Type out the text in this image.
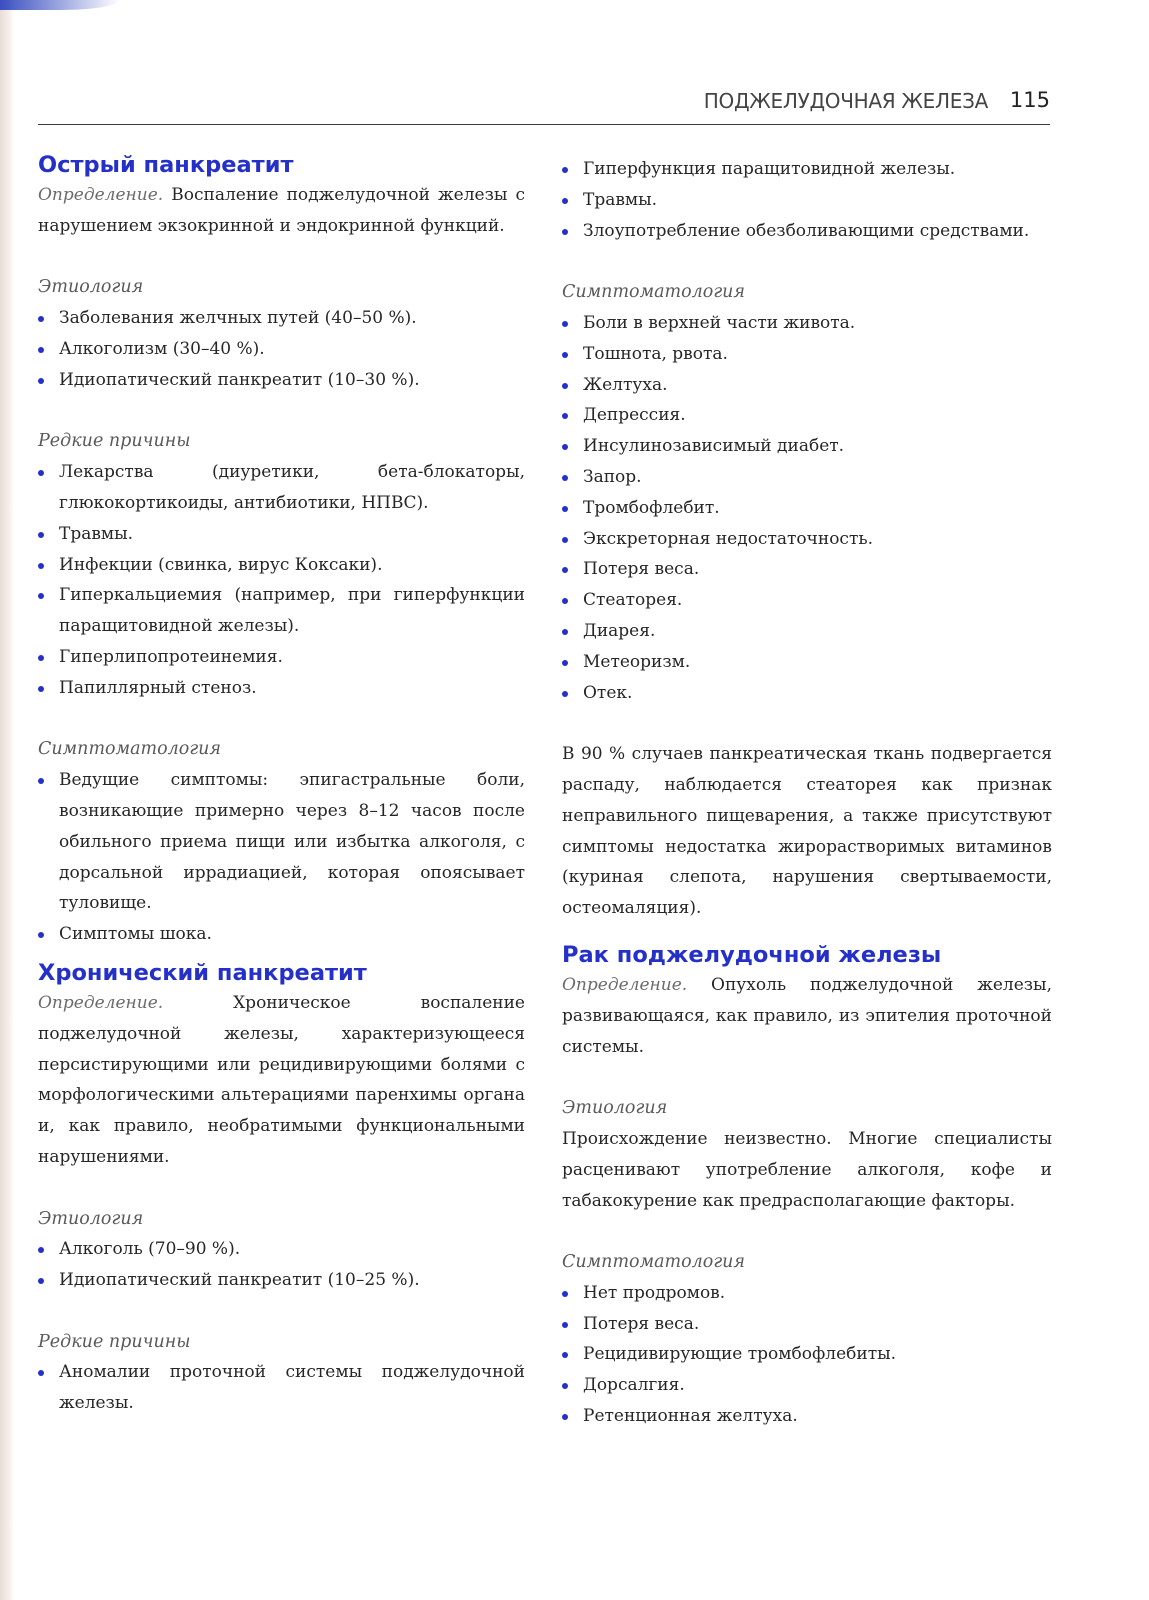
ПОДЖЕЛУДОЧНАЯ ЖЕЛЕЗА 115
Острый панкреатит

Определение. Воспаление поджелудочной железы с нарушением экзокринной и эндокринной функций.

Этиология

Заболевания желчных путей (40–50 %).
Алкоголизм (30–40 %).
Идиопатический панкреатит (10–30 %).

Редкие причины

Лекарства (диуретики, бета-блокаторы, глюкокортикоиды, антибиотики, НПВС).
Травмы.
Инфекции (свинка, вирус Коксаки).
Гиперкальциемия (например, при гиперфункции паращитовидной железы).
Гиперлипопротеинемия.
Папиллярный стеноз.

Симптоматология

Ведущие симптомы: эпигастральные боли, возникающие примерно через 8–12 часов после обильного приема пищи или избытка алкоголя, с дорсальной иррадиацией, которая опоясывает туловище.
Симптомы шока.
Хронический панкреатит

Определение. Хроническое воспаление поджелудочной железы, характеризующееся персистирующими или рецидивирующими болями с морфологическими альтерациями паренхимы органа и, как правило, необратимыми функциональными нарушениями.

Этиология

Алкоголь (70–90 %).
Идиопатический панкреатит (10–25 %).

Редкие причины

Аномалии проточной системы поджелудочной железы.
Гиперфункция паращитовидной железы.
Травмы.
Злоупотребление обезболивающими средствами.

Симптоматология

Боли в верхней части живота.
Тошнота, рвота.
Желтуха.
Депрессия.
Инсулинозависимый диабет.
Запор.
Тромбофлебит.
Экскреторная недостаточность.
Потеря веса.
Стеаторея.
Диарея.
Метеоризм.
Отек.

В 90 % случаев панкреатическая ткань подвергается распаду, наблюдается стеаторея как признак неправильного пищеварения, а также присутствуют симптомы недостатка жирорастворимых витаминов (куриная слепота, нарушения свертываемости, остеомаляция).

Рак поджелудочной железы

Определение. Опухоль поджелудочной железы, развивающаяся, как правило, из эпителия проточной системы.

Этиология

Происхождение неизвестно. Многие специалисты расценивают употребление алкоголя, кофе и табакокурение как предрасполагающие факторы.

Симптоматология

Нет продромов.
Потеря веса.
Рецидивирующие тромбофлебиты.
Дорсалгия.
Ретенционная желтуха.
